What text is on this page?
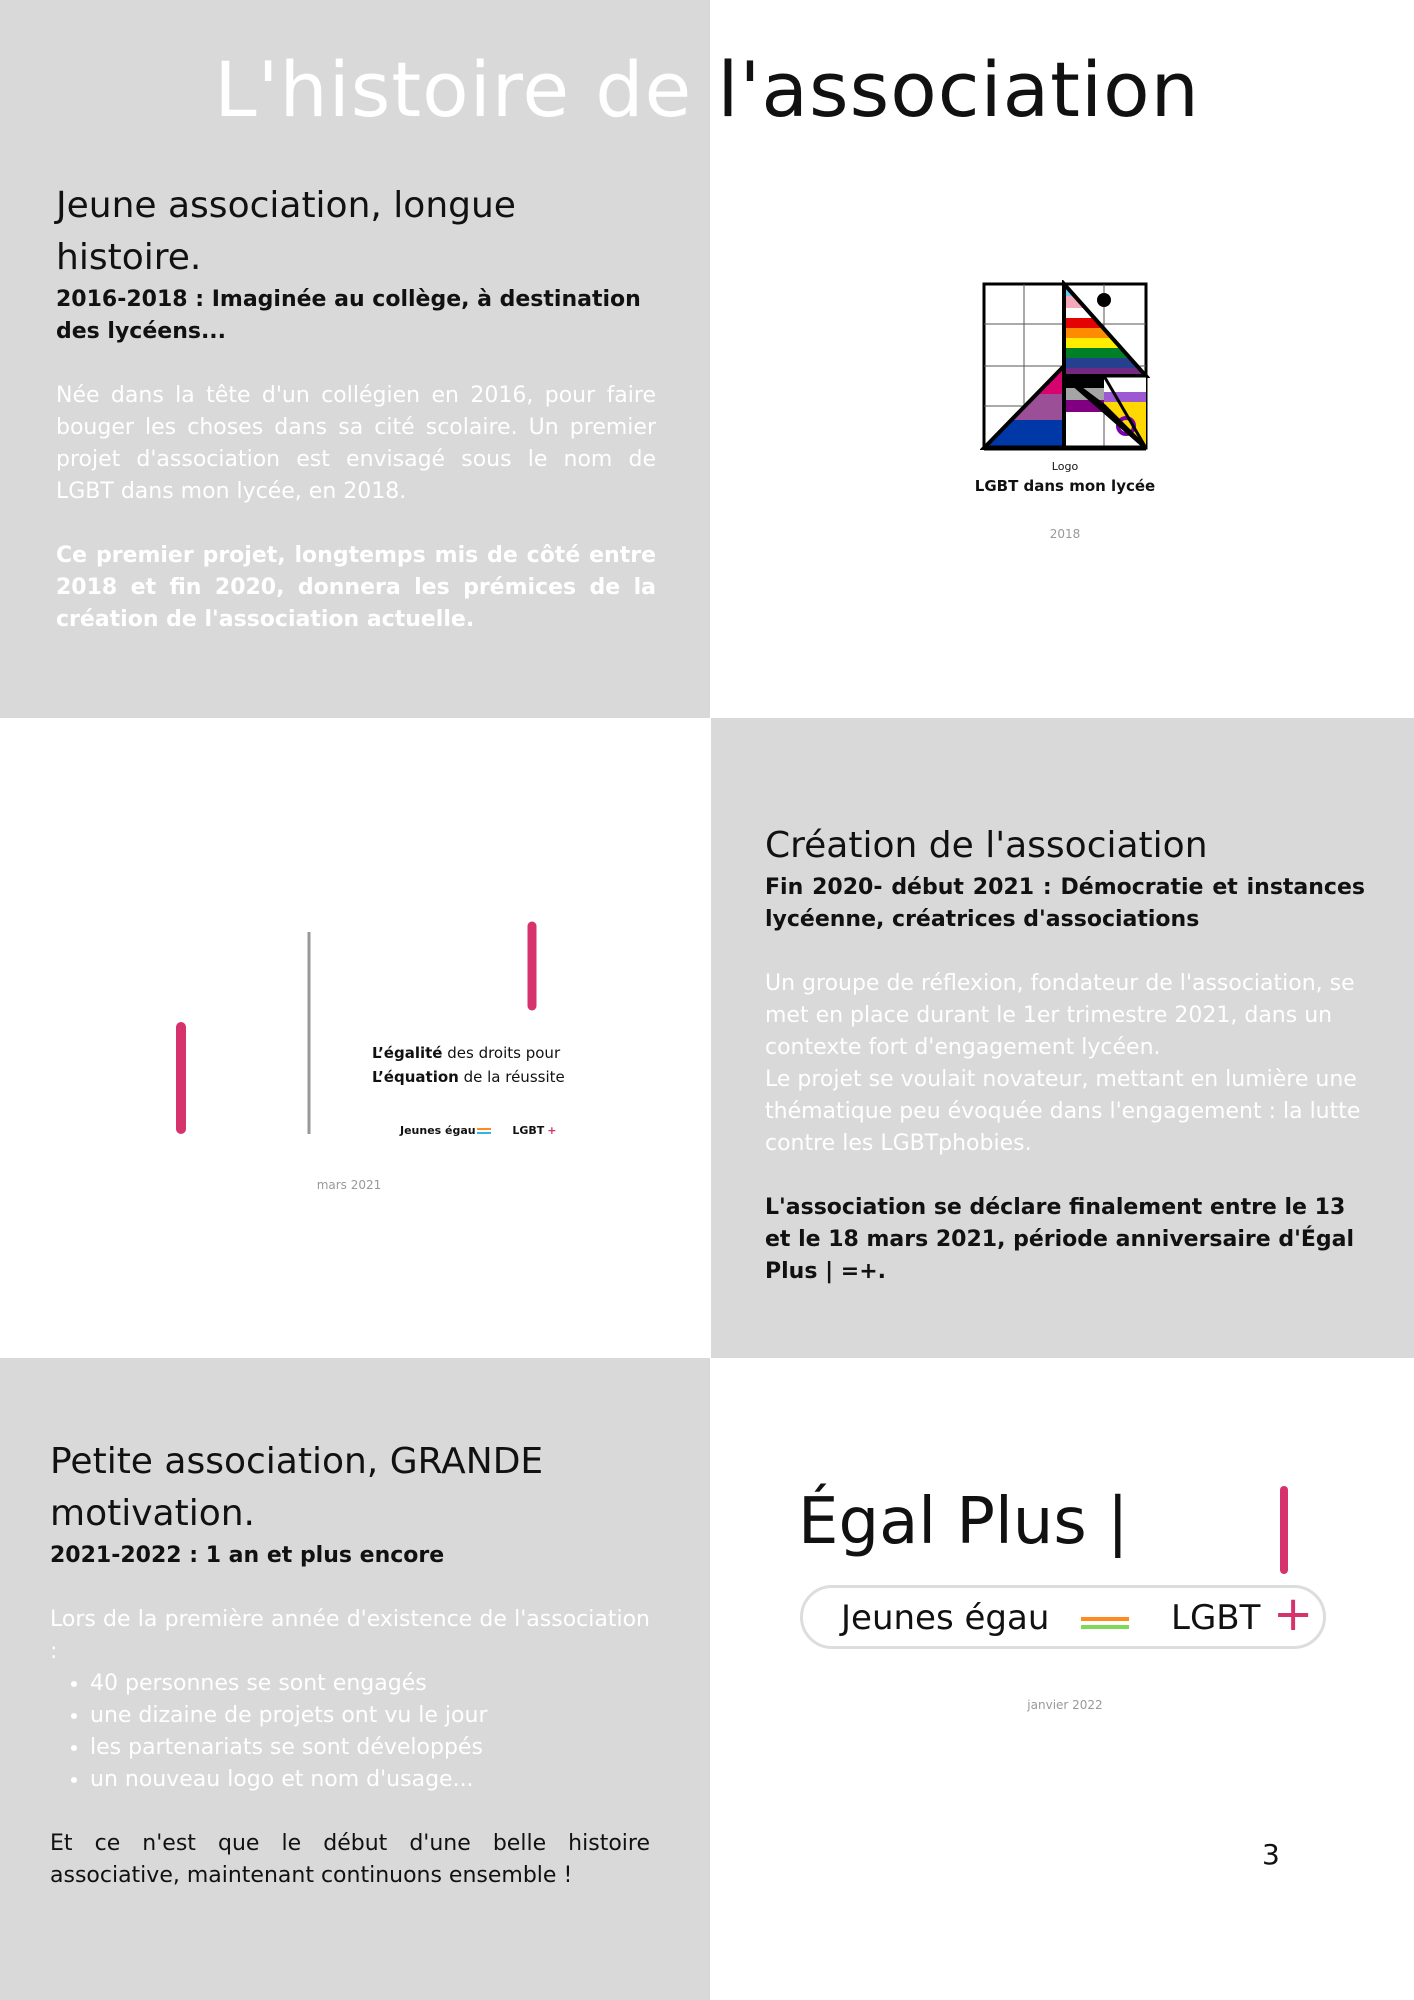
L'histoire de l'association
Jeune association, longue histoire.

2016-2018 : Imaginée au collège, à destination des lycéens...

Née dans la tête d'un collégien en 2016, pour faire bouger les choses dans sa cité scolaire. Un premier projet d'association est envisagé sous le nom de LGBT dans mon lycée, en 2018.

Ce premier projet, longtemps mis de côté entre 2018 et fin 2020, donnera les prémices de la création de l'association actuelle.

Logo
LGBT dans mon lycée
2018
L’égalité des droits pour
L’équation de la réussite
Jeunes égau	LGBT +
mars 2021
Création de l'association

Fin 2020- début 2021 : Démocratie et instances lycéenne, créatrices d'associations

Un groupe de réflexion, fondateur de l'association, se met en place durant le 1er trimestre 2021, dans un contexte fort d'engagement lycéen.

Le projet se voulait novateur, mettant en lumière une thématique peu évoquée dans l'engagement : la lutte contre les LGBTphobies.

L'association se déclare finalement entre le 13 et le 18 mars 2021, période anniversaire d'Égal Plus | =+.

Petite association, GRANDE motivation.

2021-2022 : 1 an et plus encore

Lors de la première année d'existence de l'association :

• 40 personnes se sont engagés
• une dizaine de projets ont vu le jour
• les partenariats se sont développés
• un nouveau logo et nom d'usage...

Et ce n'est que le début d'une belle histoire associative, maintenant continuons ensemble !

Égal Plus |
Jeunes égau	LGBT +
janvier 2022
3
